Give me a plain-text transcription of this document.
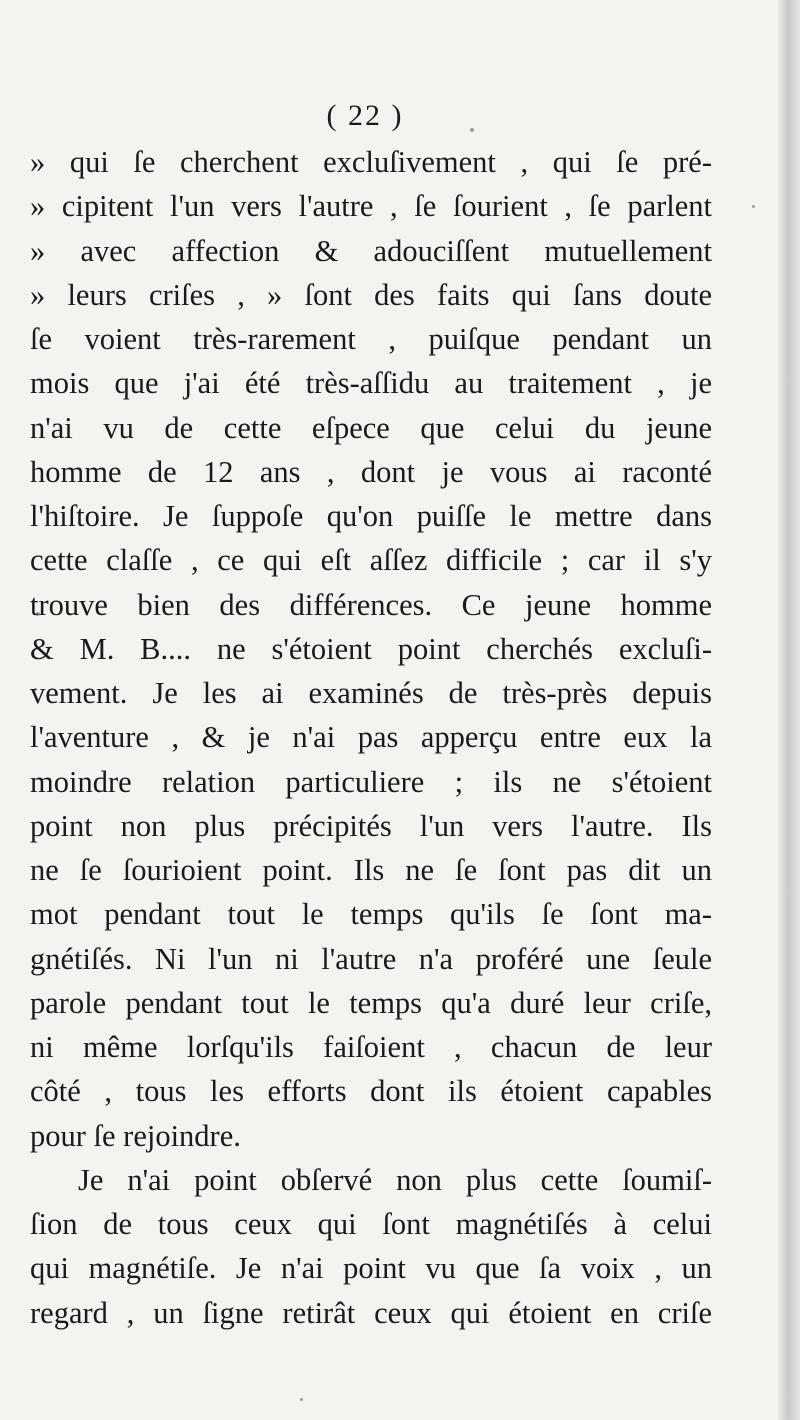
( 22 )
» qui ſe cherchent excluſivement , qui ſe pré-
» cipitent l'un vers l'autre , ſe ſourient , ſe parlent
» avec affection & adouciſſent mutuellement
» leurs criſes , » ſont des faits qui ſans doute
ſe voient très-rarement , puiſque pendant un
mois que j'ai été très-aſſidu au traitement , je
n'ai vu de cette eſpece que celui du jeune
homme de 12 ans , dont je vous ai raconté
l'hiſtoire. Je ſuppoſe qu'on puiſſe le mettre dans
cette claſſe , ce qui eſt aſſez difficile ; car il s'y
trouve bien des différences. Ce jeune homme
& M. B.... ne s'étoient point cherchés excluſi-
vement. Je les ai examinés de très-près depuis
l'aventure , & je n'ai pas apperçu entre eux la
moindre relation particuliere ; ils ne s'étoient
point non plus précipités l'un vers l'autre. Ils
ne ſe ſourioient point. Ils ne ſe ſont pas dit un
mot pendant tout le temps qu'ils ſe ſont ma-
gnétiſés. Ni l'un ni l'autre n'a proféré une ſeule
parole pendant tout le temps qu'a duré leur criſe,
ni même lorſqu'ils faiſoient , chacun de leur
côté , tous les efforts dont ils étoient capables
pour ſe rejoindre.
Je n'ai point obſervé non plus cette ſoumiſ-
ſion de tous ceux qui ſont magnétiſés à celui
qui magnétiſe. Je n'ai point vu que ſa voix , un
regard , un ſigne retirât ceux qui étoient en criſe
